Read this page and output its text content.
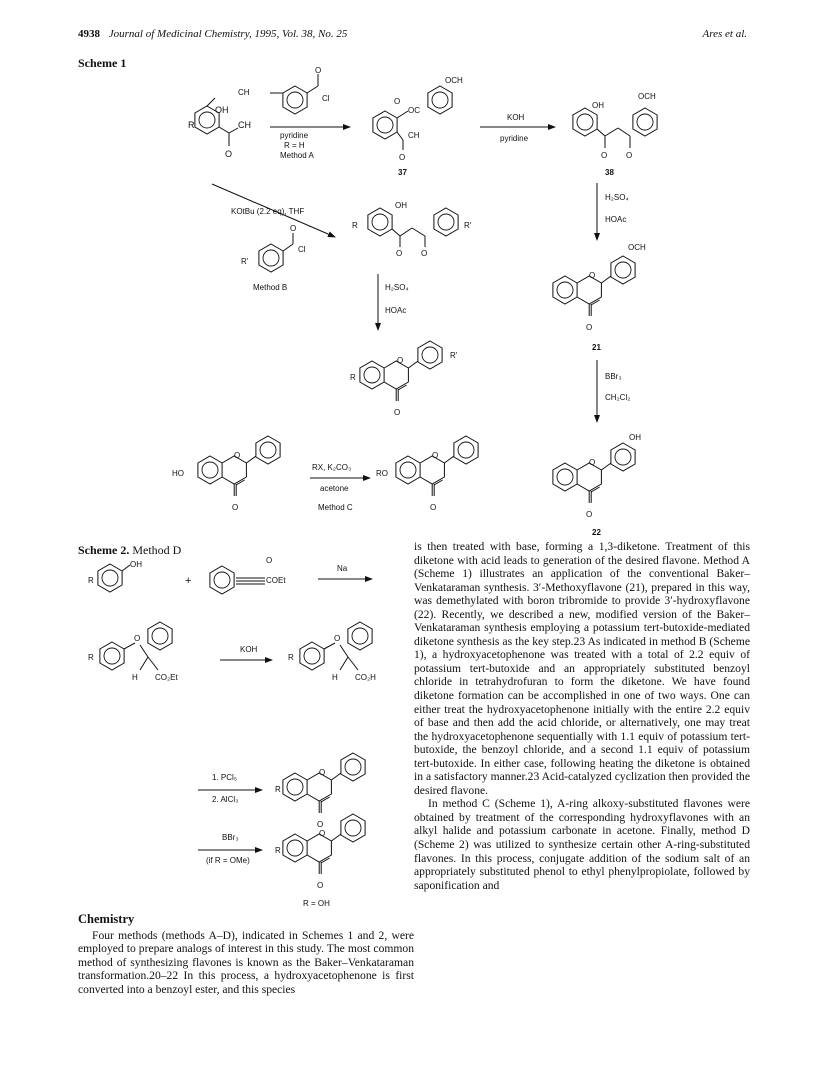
4938 Journal of Medicinal Chemistry, 1995, Vol. 38, No. 25	Ares et al.
Scheme 1
OH
O
CH
R
CH
O
Cl
pyridine
R = H
Method A
O
OC
OCH
O
CH
37
KOH
pyridine
OH
O O
OCH
38
KOtBu (2.2 eq), THF
R'
O
Cl
Method B
R
OH
O O
R'
H₂SO₄
HOAc
R
O
O
R'
H₂SO₄
HOAc
O
O
OCH
21
BBr₃
CH₂Cl₂
O
O
OH
22
HO
O
O
RX, K₂CO₃
acetone
Method C
RO
O
O
R
OH
+
O
COEt
Na
R
O
H CO₂Et
KOH
R
O
H CO₂H
1. PCl₅
2. AlCl₃
R
O
O
BBr₃
(if R = OMe)
R
O
O
R = OH
Scheme 2. Method D
Chemistry

Four methods (methods A–D), indicated in Schemes 1 and 2, were employed to prepare analogs of interest in this study. The most common method of synthesizing flavones is known as the Baker–Venkataraman transformation.20–22 In this process, a hydroxyacetophenone is first converted into a benzoyl ester, and this species

is then treated with base, forming a 1,3-diketone. Treatment of this diketone with acid leads to generation of the desired flavone. Method A (Scheme 1) illustrates an application of the conventional Baker–Venkataraman synthesis. 3′-Methoxyflavone (21), prepared in this way, was demethylated with boron tribromide to provide 3′-hydroxyflavone (22). Recently, we described a new, modified version of the Baker–Venkataraman synthesis employing a potassium tert-butoxide-mediated diketone synthesis as the key step.23 As indicated in method B (Scheme 1), a hydroxyacetophenone was treated with a total of 2.2 equiv of potassium tert-butoxide and an appropriately substituted benzoyl chloride in tetrahydrofuran to form the diketone. We have found diketone formation can be accomplished in one of two ways. One can either treat the hydroxyacetophenone initially with the entire 2.2 equiv of base and then add the acid chloride, or alternatively, one may treat the hydroxyacetophenone sequentially with 1.1 equiv of potassium tert-butoxide, the benzoyl chloride, and a second 1.1 equiv of potassium tert-butoxide. In either case, following heating the diketone is obtained in a satisfactory manner.23 Acid-catalyzed cyclization then provided the desired flavone.

In method C (Scheme 1), A-ring alkoxy-substituted flavones were obtained by treatment of the corresponding hydroxyflavones with an alkyl halide and potassium carbonate in acetone. Finally, method D (Scheme 2) was utilized to synthesize certain other A-ring-substituted flavones. In this process, conjugate addition of the sodium salt of an appropriately substituted phenol to ethyl phenylpropiolate, followed by saponification and
